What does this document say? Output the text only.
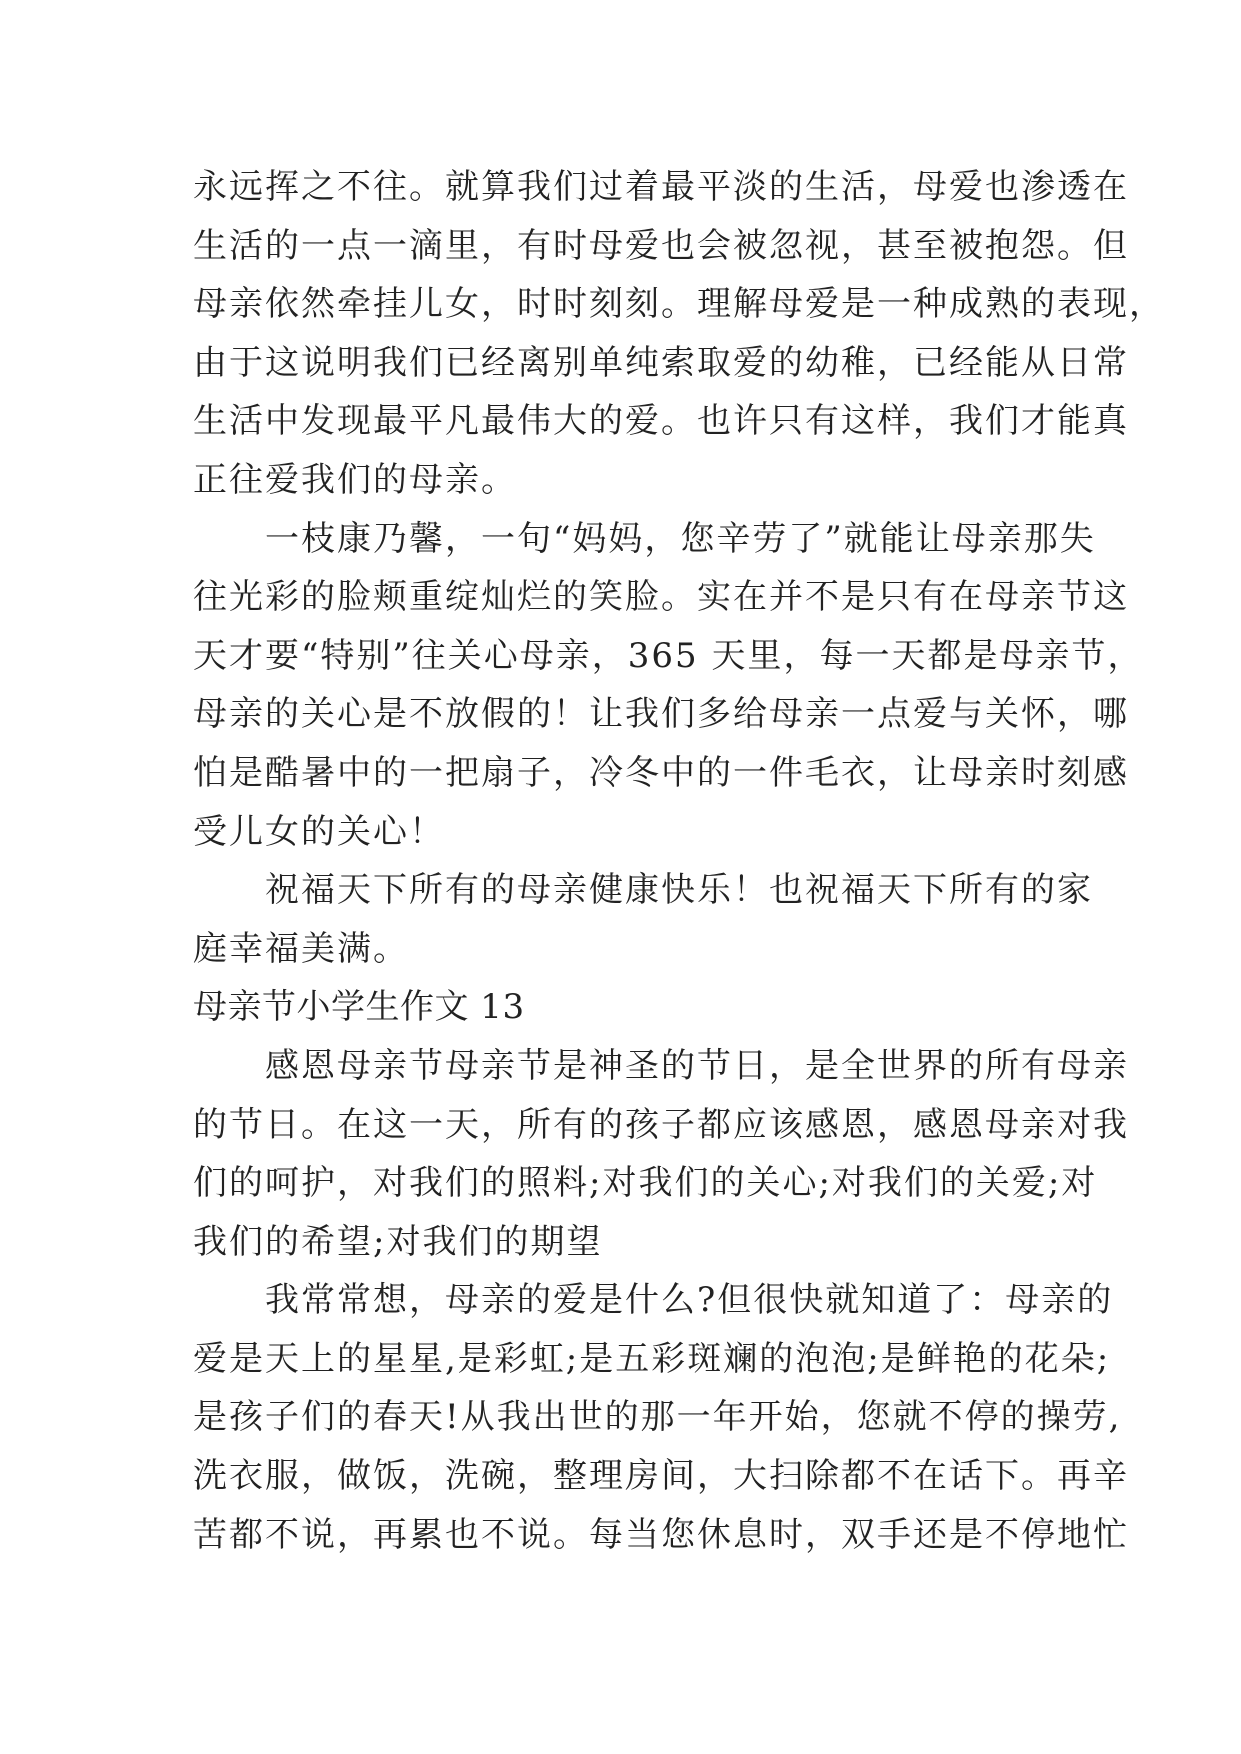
永远挥之不往。就算我们过着最平淡的生活，母爱也渗透在
生活的一点一滴里，有时母爱也会被忽视，甚至被抱怨。但
母亲依然牵挂儿女，时时刻刻。理解母爱是一种成熟的表现，
由于这说明我们已经离别单纯索取爱的幼稚，已经能从日常
生活中发现最平凡最伟大的爱。也许只有这样，我们才能真
正往爱我们的母亲。
　　一枝康乃馨，一句“妈妈，您辛劳了”就能让母亲那失
往光彩的脸颊重绽灿烂的笑脸。实在并不是只有在母亲节这
天才要“特别”往关心母亲，365 天里，每一天都是母亲节，
母亲的关心是不放假的！让我们多给母亲一点爱与关怀，哪
怕是酷暑中的一把扇子，冷冬中的一件毛衣，让母亲时刻感
受儿女的关心！
　　祝福天下所有的母亲健康快乐！也祝福天下所有的家
庭幸福美满。
母亲节小学生作文 13
　　感恩母亲节母亲节是神圣的节日，是全世界的所有母亲
的节日。在这一天，所有的孩子都应该感恩，感恩母亲对我
们的呵护，对我们的照料;对我们的关心;对我们的关爱;对
我们的希望;对我们的期望
　　我常常想，母亲的爱是什么?但很快就知道了：母亲的
爱是天上的星星,是彩虹;是五彩斑斓的泡泡;是鲜艳的花朵;
是孩子们的春天!从我出世的那一年开始，您就不停的操劳,
洗衣服，做饭，洗碗，整理房间，大扫除都不在话下。再辛
苦都不说，再累也不说。每当您休息时，双手还是不停地忙
